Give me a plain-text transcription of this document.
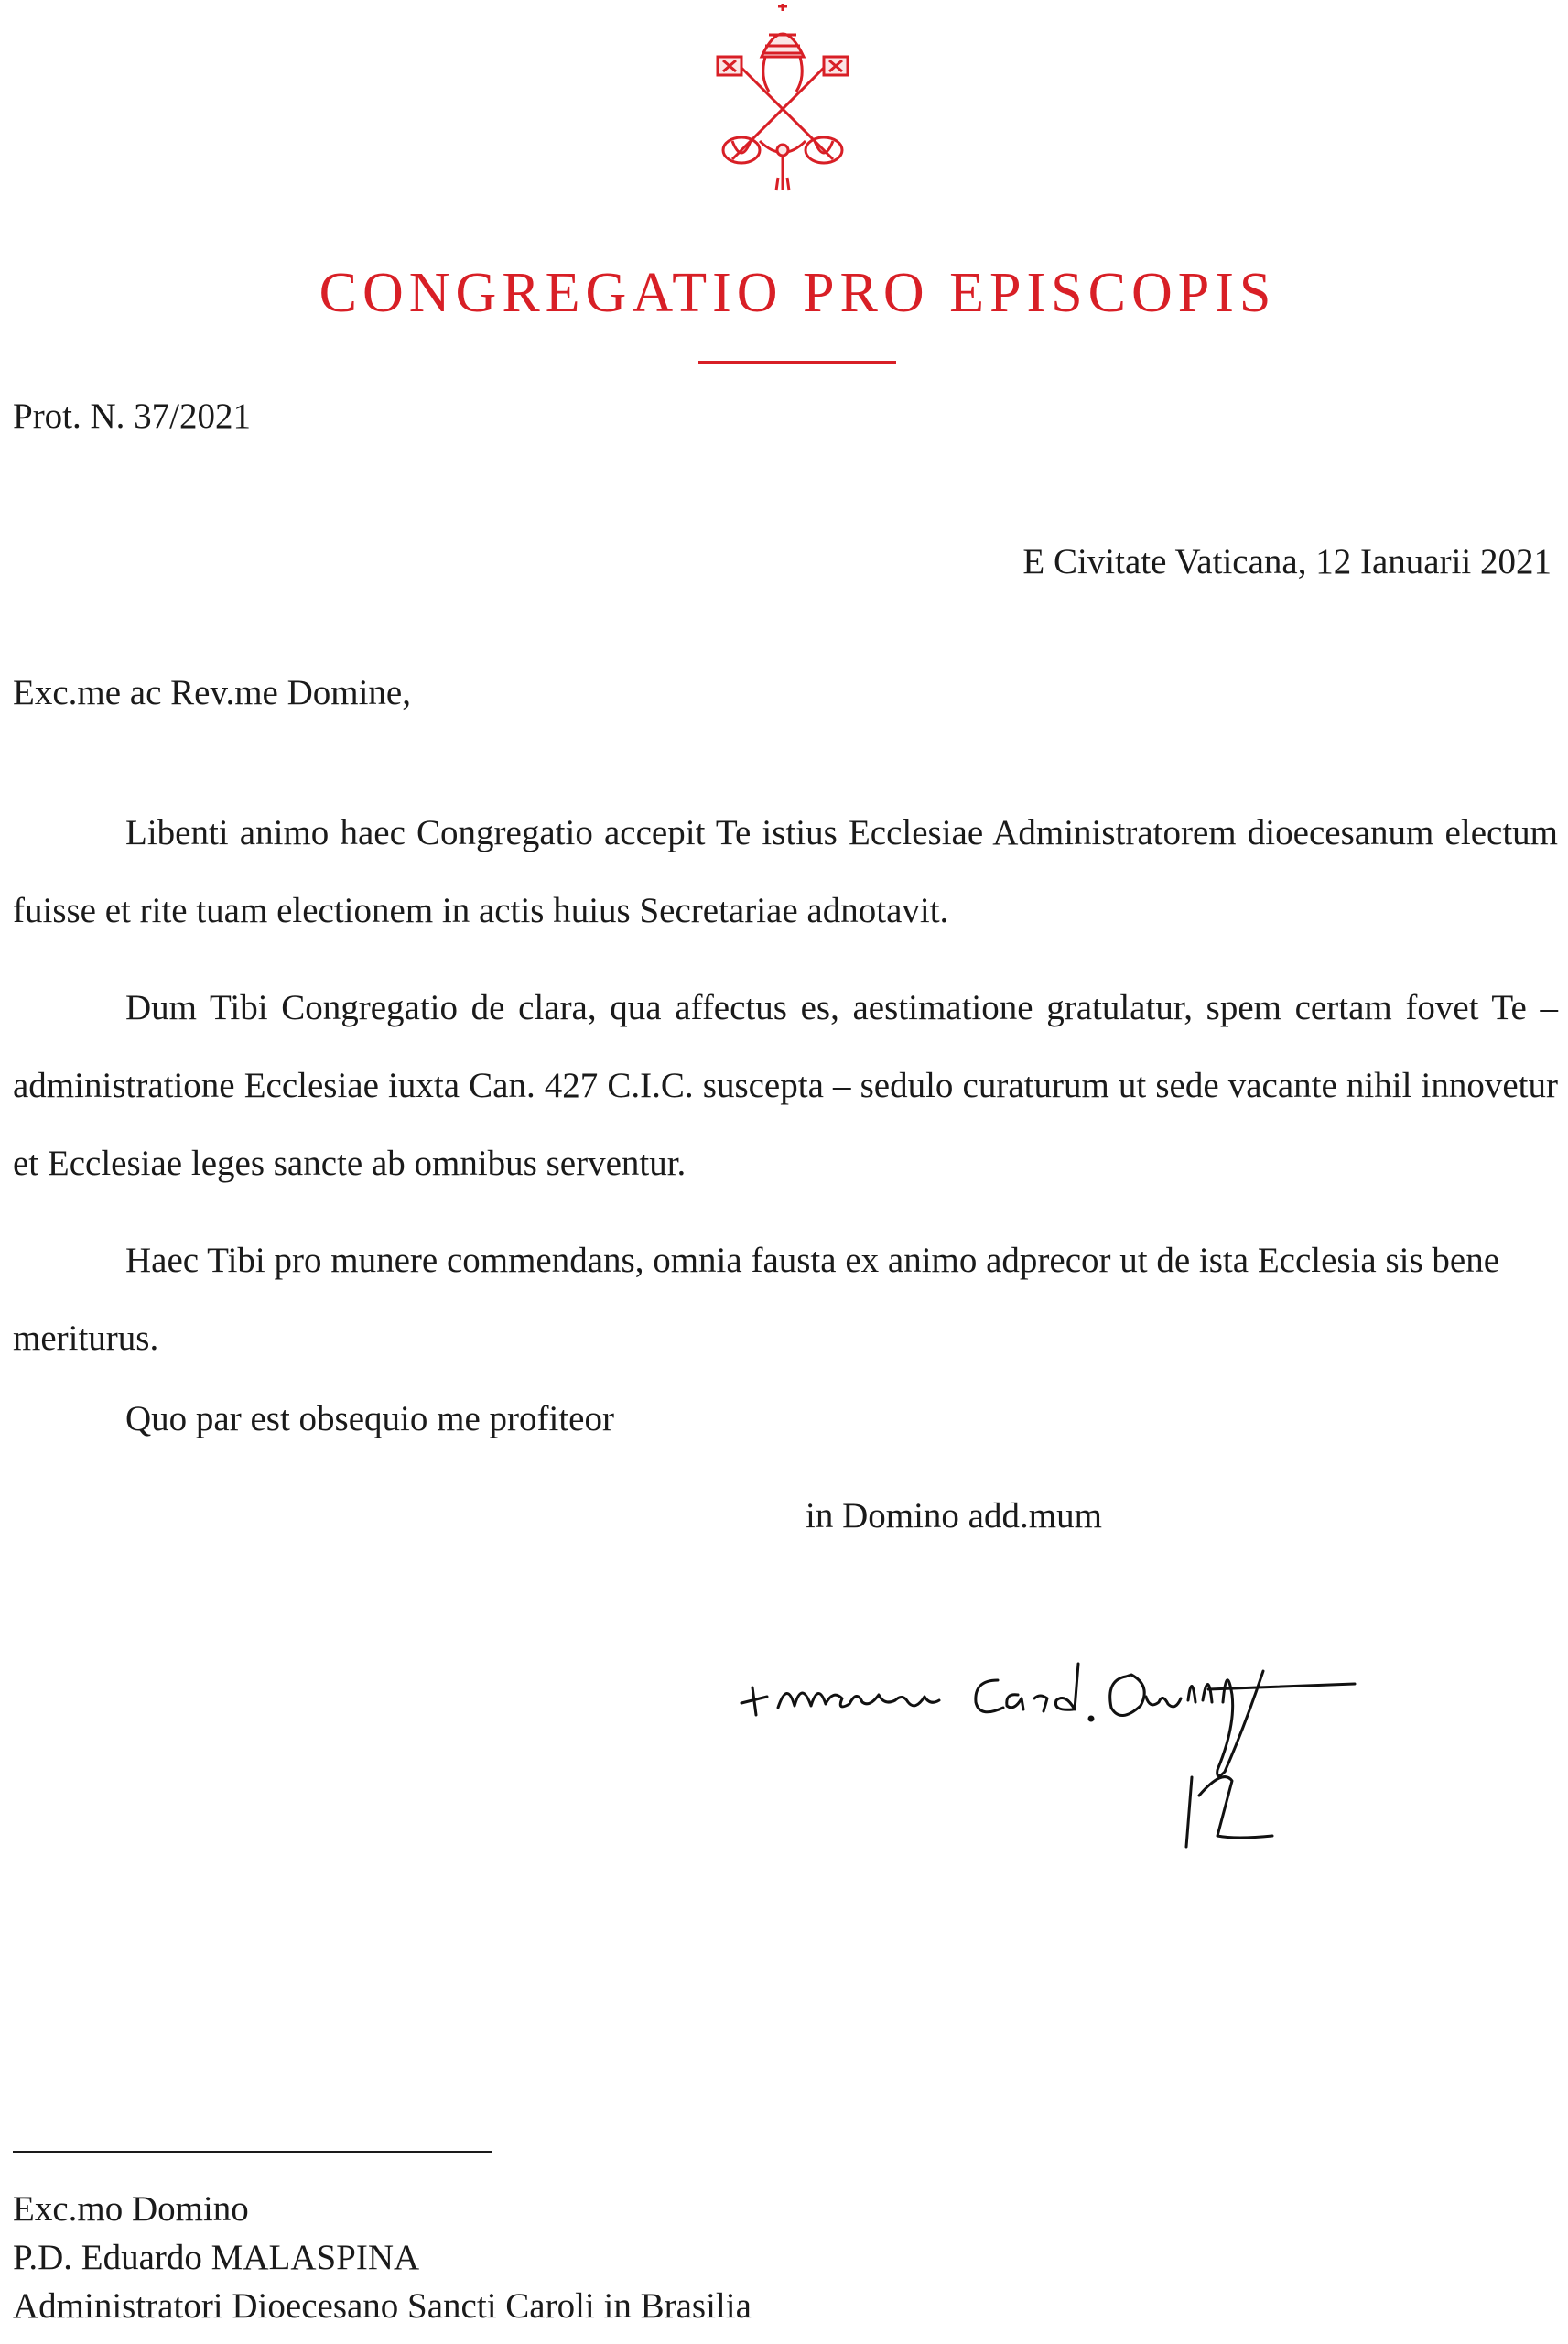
CONGREGATIO PRO EPISCOPIS
Prot. N. 37/2021
E Civitate Vaticana, 12 Ianuarii 2021
Exc.me ac Rev.me Domine,

Libenti animo haec Congregatio accepit Te istius Ecclesiae Administratorem dioecesanum electum fuisse et rite tuam electionem in actis huius Secretariae adnotavit.

Dum Tibi Congregatio de clara, qua affectus es, aestimatione gratulatur, spem certam fovet Te –administratione Ecclesiae iuxta Can. 427 C.I.C. suscepta – sedulo curaturum ut sede vacante nihil innovetur et Ecclesiae leges sancte ab omnibus serventur.

Haec Tibi pro munere commendans, omnia fausta ex animo adprecor ut de ista Ecclesia sis bene meriturus.

Quo par est obsequio me profiteor
in Domino add.mum
Exc.mo Domino
P.D. Eduardo MALASPINA
Administratori Dioecesano Sancti Caroli in Brasilia
